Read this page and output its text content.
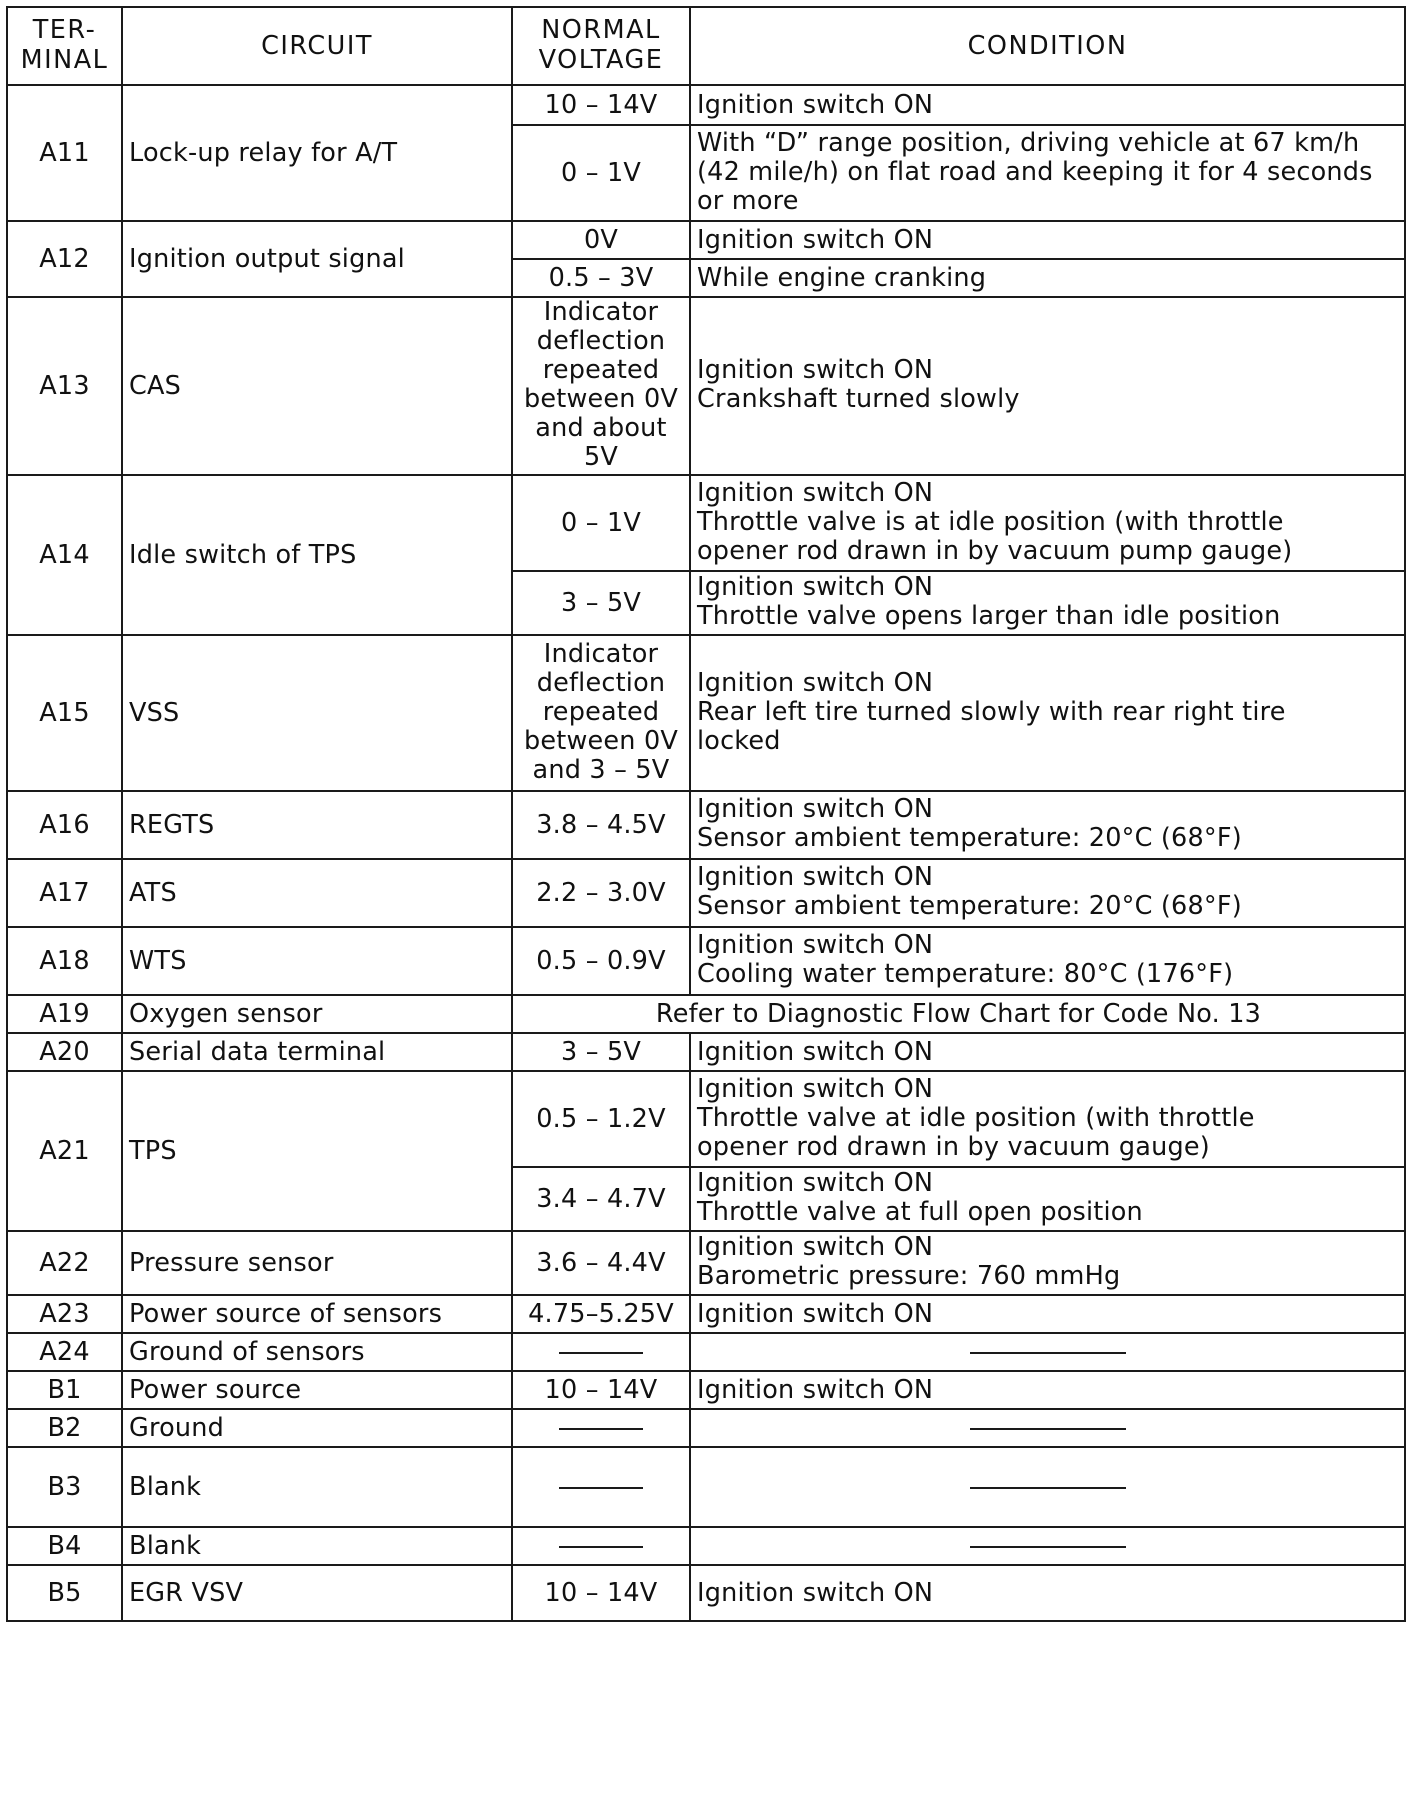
TER-
MINAL	CIRCUIT	NORMAL
VOLTAGE	CONDITION
A11	Lock-up relay for A/T	10 – 14V	Ignition switch ON
		0 – 1V	With “D” range position, driving vehicle at 67 km/h
(42 mile/h) on flat road and keeping it for 4 seconds
or more
A12	Ignition output signal	0V	Ignition switch ON
		0.5 – 3V	While engine cranking
A13	CAS	Indicator
deflection
repeated
between 0V
and about 5V	Ignition switch ON
Crankshaft turned slowly
A14	Idle switch of TPS	0 – 1V	Ignition switch ON
Throttle valve is at idle position (with throttle
opener rod drawn in by vacuum pump gauge)
		3 – 5V	Ignition switch ON
Throttle valve opens larger than idle position
A15	VSS	Indicator
deflection
repeated
between 0V
and 3 – 5V	Ignition switch ON
Rear left tire turned slowly with rear right tire
locked
A16	REGTS	3.8 – 4.5V	Ignition switch ON
Sensor ambient temperature: 20°C (68°F)
A17	ATS	2.2 – 3.0V	Ignition switch ON
Sensor ambient temperature: 20°C (68°F)
A18	WTS	0.5 – 0.9V	Ignition switch ON
Cooling water temperature: 80°C (176°F)
A19	Oxygen sensor	Refer to Diagnostic Flow Chart for Code No. 13	
A20	Serial data terminal	3 – 5V	Ignition switch ON
A21	TPS	0.5 – 1.2V	Ignition switch ON
Throttle valve at idle position (with throttle
opener rod drawn in by vacuum gauge)
		3.4 – 4.7V	Ignition switch ON
Throttle valve at full open position
A22	Pressure sensor	3.6 – 4.4V	Ignition switch ON
Barometric pressure: 760 mmHg
A23	Power source of sensors	4.75–5.25V	Ignition switch ON
A24	Ground of sensors		
B1	Power source	10 – 14V	Ignition switch ON
B2	Ground		
B3	Blank		
B4	Blank		
B5	EGR VSV	10 – 14V	Ignition switch ON
